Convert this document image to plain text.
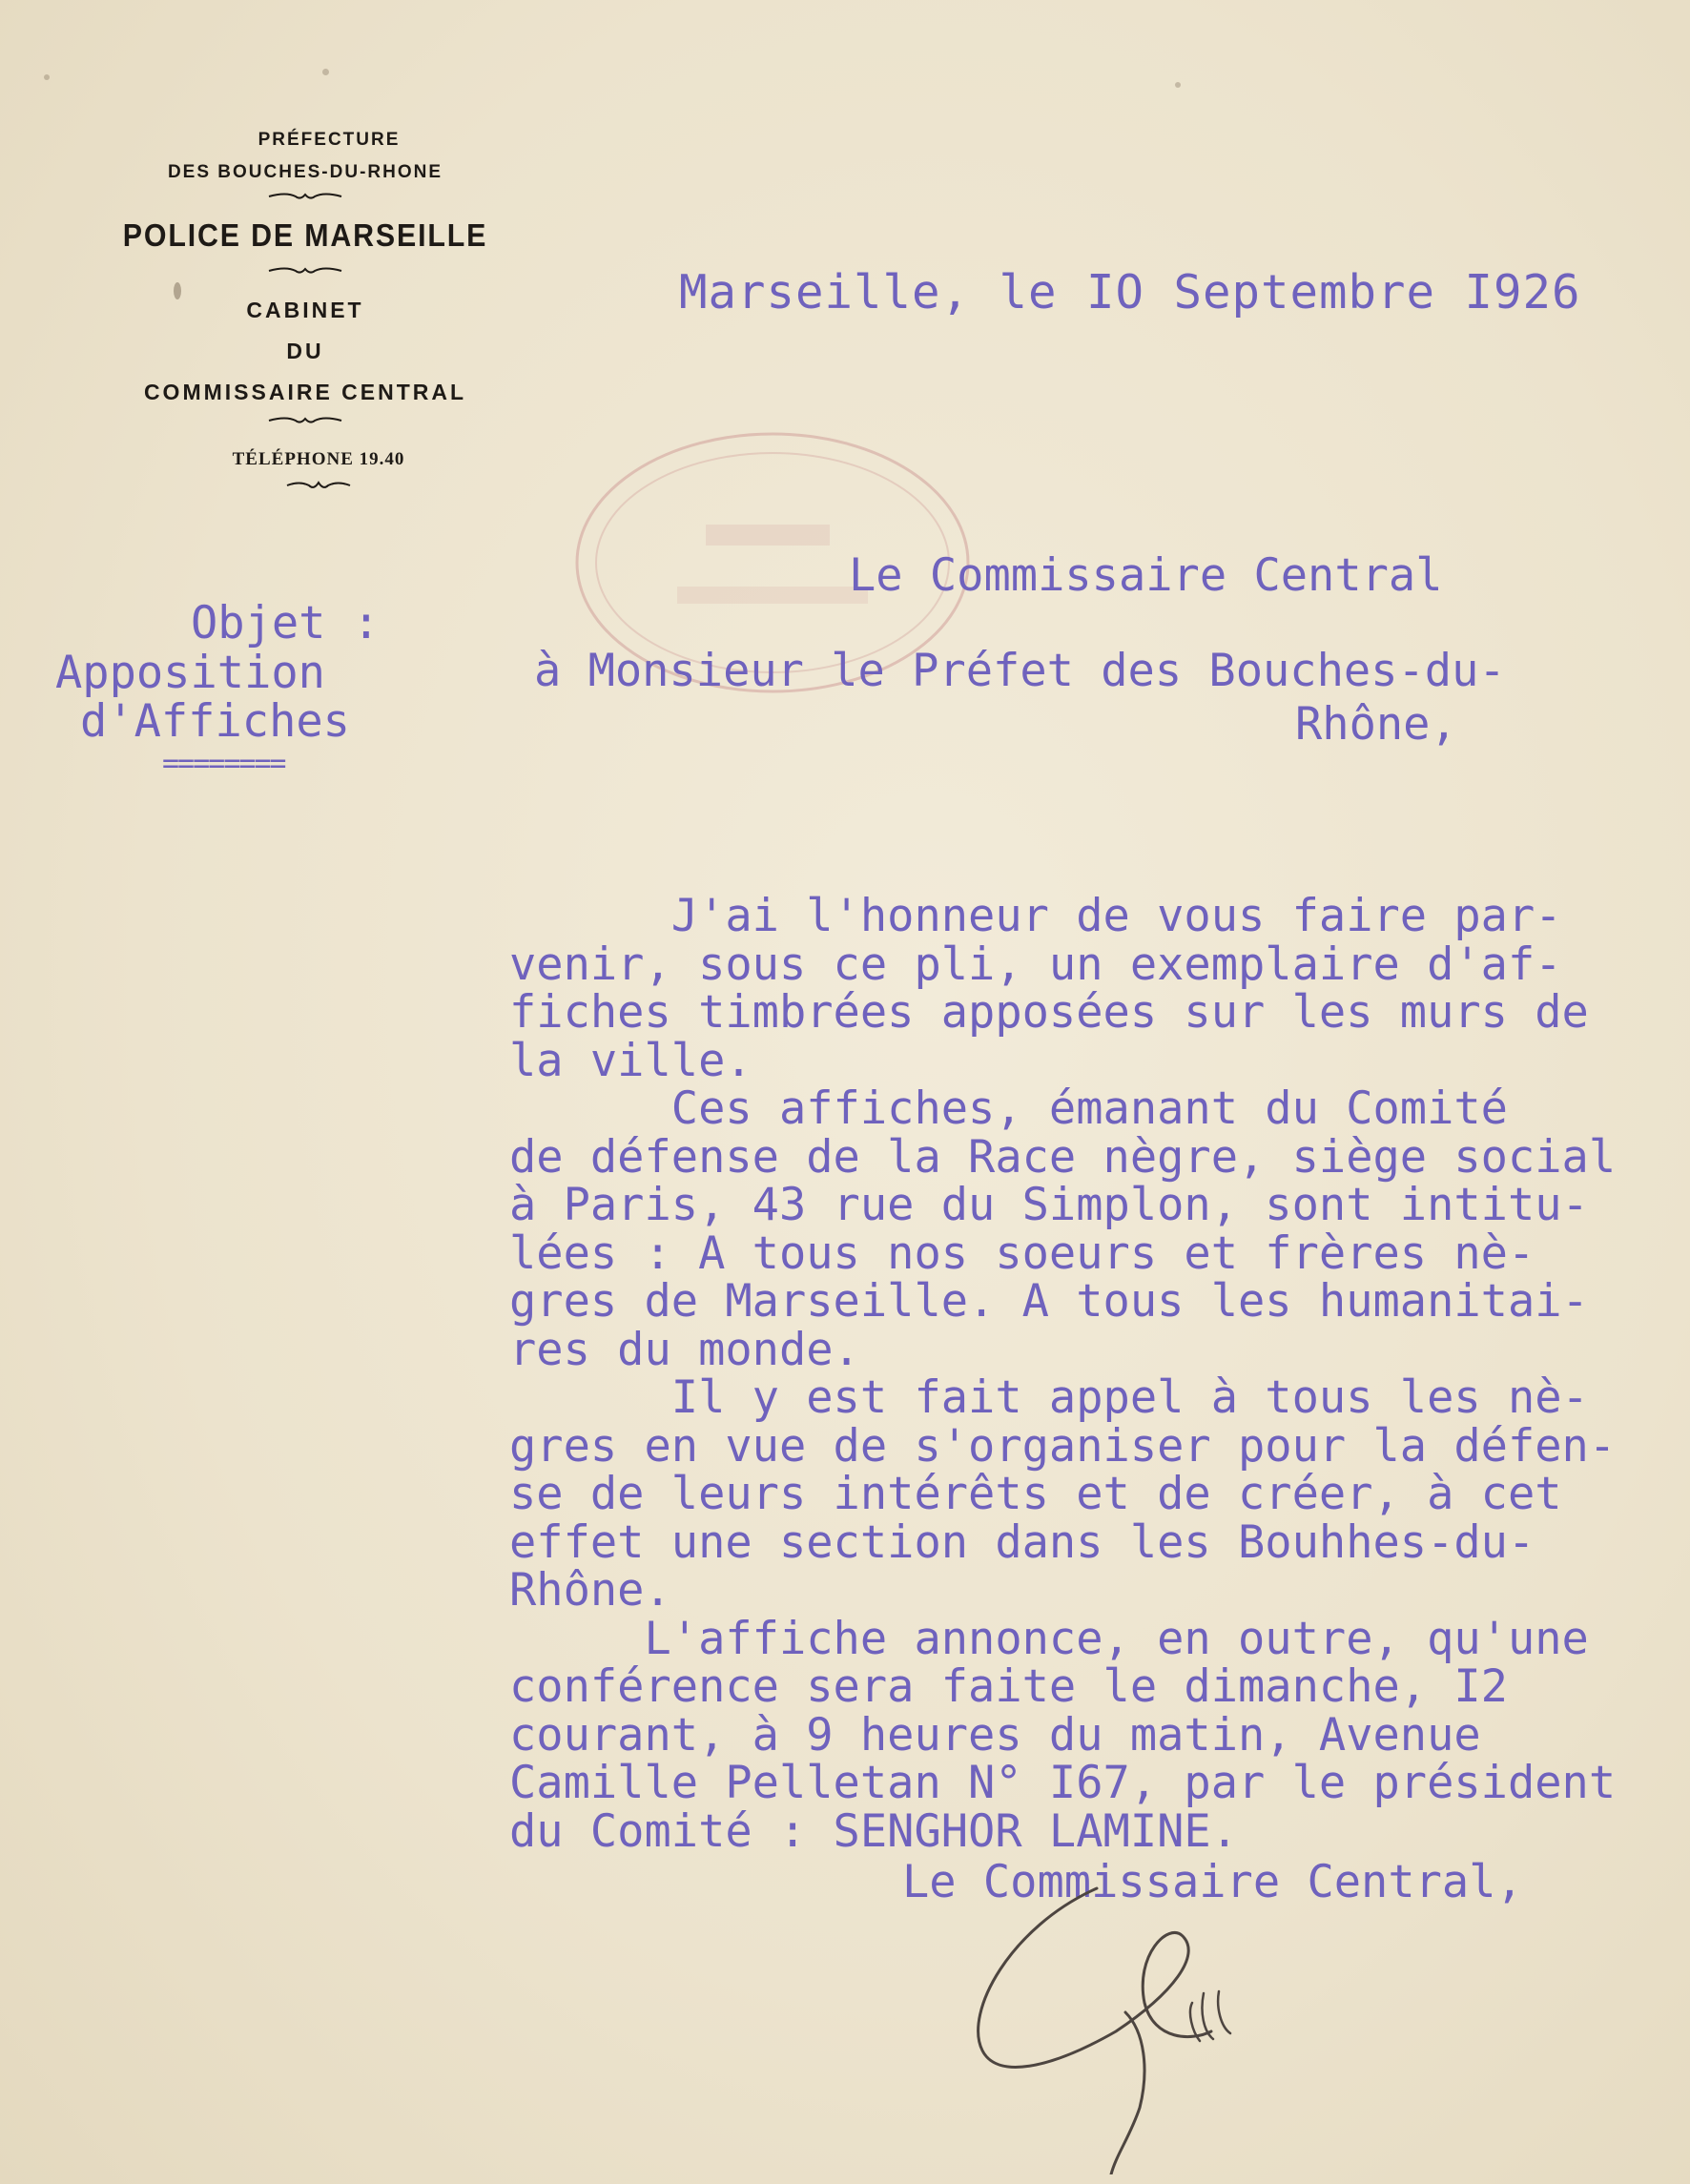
PRÉFECTURE
DES BOUCHES-DU-RHONE
POLICE DE MARSEILLE
CABINET
DU
COMMISSAIRE CENTRAL
TÉLÉPHONE 19.40
Objet :
Apposition
d'Affiches
========
Marseille, le IO Septembre I926
Le Commissaire Central
à Monsieur le Préfet des Bouches-du-
Rhône,
J'ai l'honneur de vous faire par-
venir, sous ce pli, un exemplaire d'af-
fiches timbrées apposées sur les murs de
la ville.
Ces affiches, émanant du Comité
de défense de la Race nègre, siège social
à Paris, 43 rue du Simplon, sont intitu-
lées : A tous nos soeurs et frères nè-
gres de Marseille. A tous les humanitai-
res du monde.
Il y est fait appel à tous les nè-
gres en vue de s'organiser pour la défen-
se de leurs intérêts et de créer, à cet
effet une section dans les Bouhhes-du-
Rhône.
L'affiche annonce, en outre, qu'une
conférence sera faite le dimanche, I2
courant, à 9 heures du matin, Avenue
Camille Pelletan N° I67, par le président
du Comité : SENGHOR LAMINE.
Le Commissaire Central,
